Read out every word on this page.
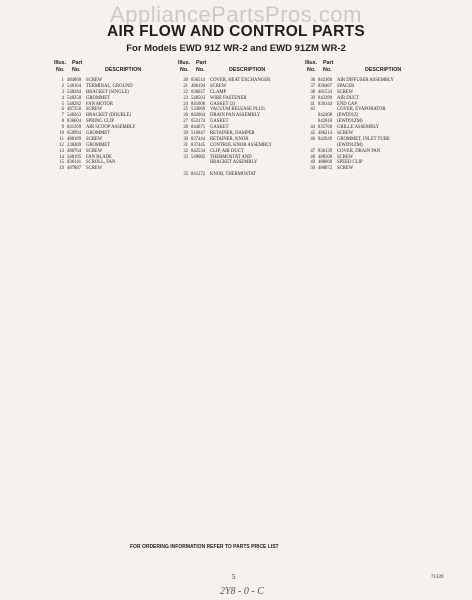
AppliancePartsPros.com
AIR FLOW AND CONTROL PARTS
For Models EWD 91Z WR-2 and EWD 91ZM WR-2
Illus. Part
No. No.	DESCRIPTION
1 484860 SCREW
2 546164 TERMINAL, GROUND
3 548284 BRACKET (SINGLE)
4 548258 GROMMET
5 548282 FAN MOTOR
6 487250 SCREW
7 548263 BRACKET (DOUBLE)
8 836604 SPRING CLIP
9 841269 AIR SCOOP ASSEMBLY
10 650994 GROMMET
11 488189 SCREW
12 238469 GROMMET
13 488764 SCREW
14 548195 FAN BLADE
15 836141 SCROLL, FAN
19 487887 SCREW
Illus. Part
No. No.	DESCRIPTION
20 836514 COVER, HEAT EXCHANGER
21 486194 SCREW
22 836037 CLAMP
23 548503 WIRE FASTENER
24 841606 GASKET (2)
25 533069 VACUUM RELEASE PLUG
26 842604 DRAIN PAN ASSEMBLY
27 653174 GASKET
28 844671 GASKET
29 516847 RETAINER, DAMPER
30 837444 RETAINER, KNOB
31 837445 CONTROL KNOB ASSEMBLY
32 842534 CLIP, AIR DUCT
33 549682 THERMOSTAT AND
BRACKET ASSEMBLY
35 841272 KNOB, THERMOSTAT
Illus. Part
No. No.	DESCRIPTION
36 842360 AIR DIFFUSER ASSEMBLY
37 836467 SPACER
38 481534 SCREW
39 842399 AIR DUCT
41 836144 END CAP
43	COVER, EVAPORATOR
842408 (EWD91Z)
842610 (EWD91ZM)
44 835760 GRILLE ASSEMBLY
45 486214 SCREW
46 842649 GROMMET, INLET TUBE
(EWD91ZM)
47 836139 COVER, DRAIN PAN
48 488500 SCREW
49 488660 SPEED CLIP
50 486072 SCREW
FOR ORDERING INFORMATION REFER TO PARTS PRICE LIST
5	71339
2Y8 - 0 - C
